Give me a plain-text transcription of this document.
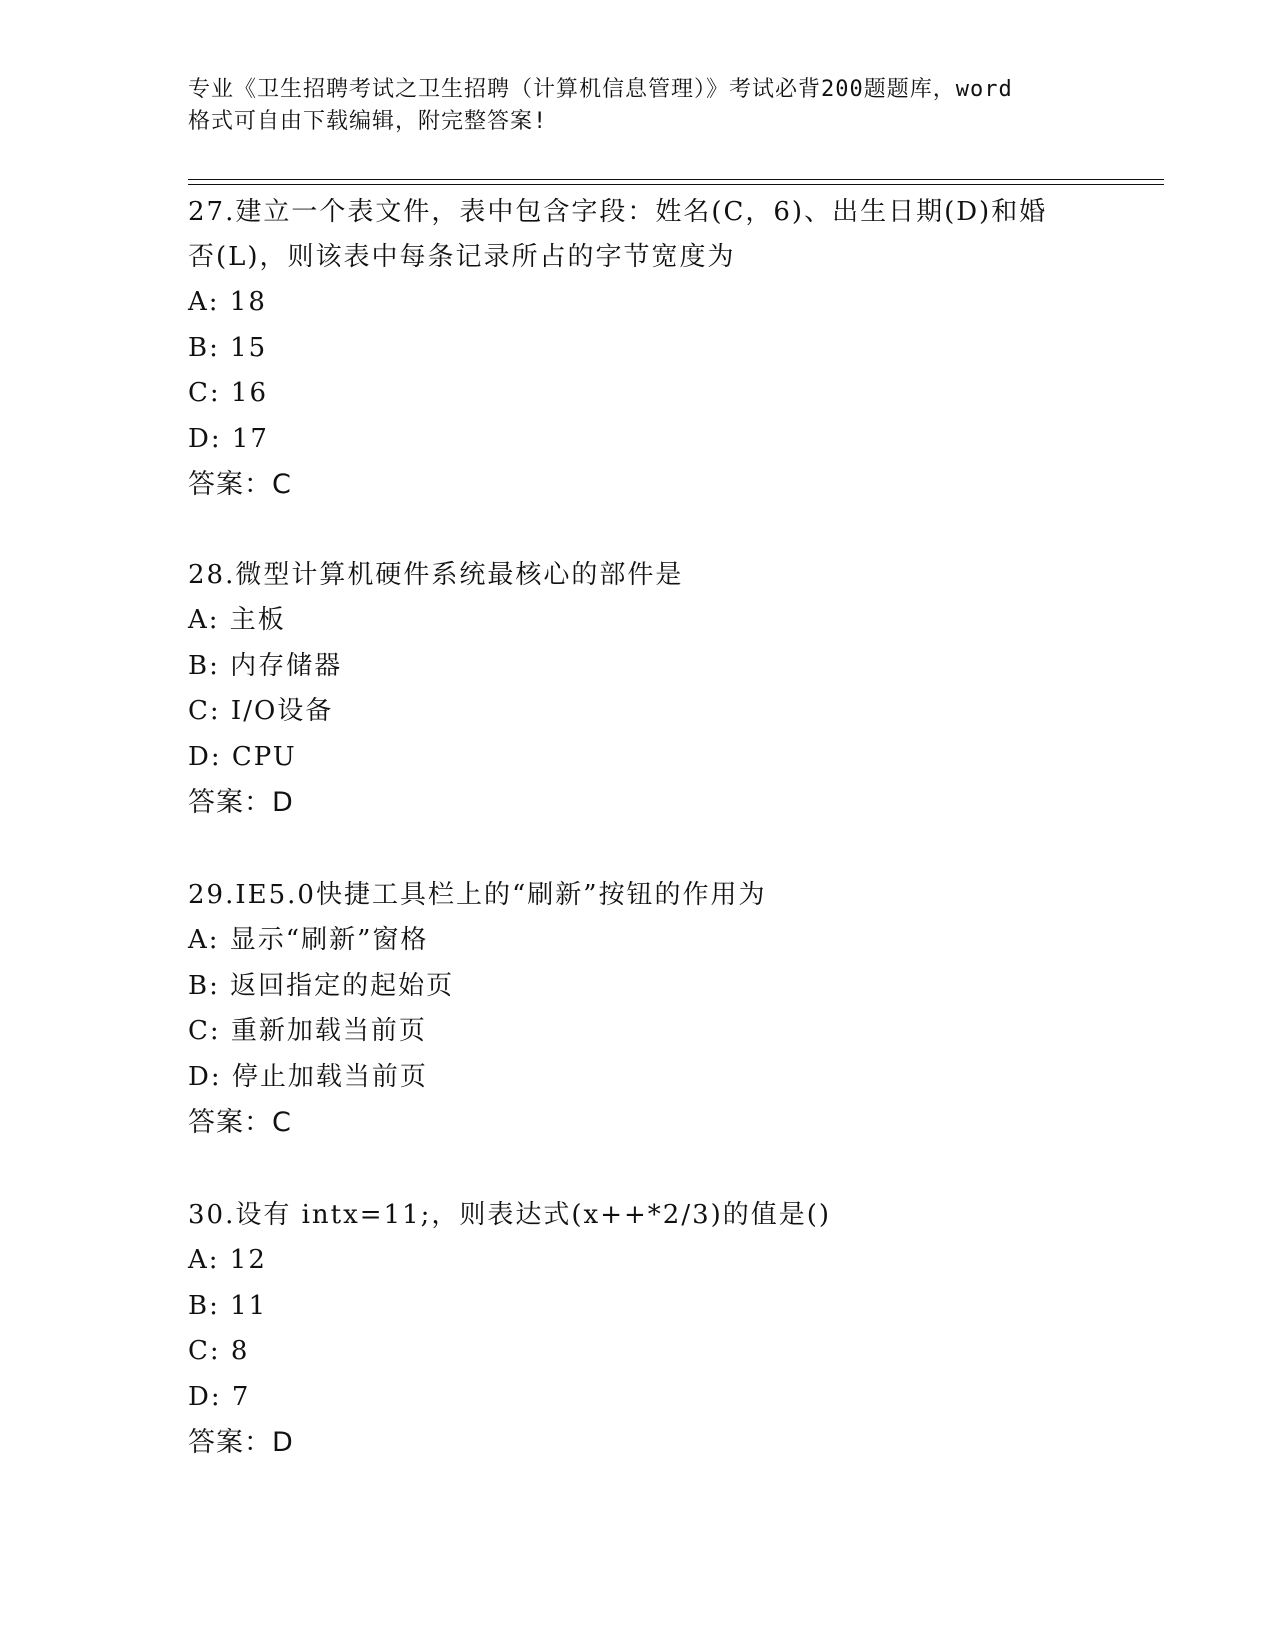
专业《卫生招聘考试之卫生招聘（计算机信息管理）》考试必背200题题库，word
格式可自由下载编辑，附完整答案!

27.建立一个表文件，表中包含字段：姓名(C，6)、出生日期(D)和婚

否(L)，则该表中每条记录所占的字节宽度为

A: 18

B: 15

C: 16

D: 17

答案：C

28.微型计算机硬件系统最核心的部件是

A: 主板

B: 内存储器

C: I/O设备

D: CPU

答案：D

29.IE5.0快捷工具栏上的“刷新”按钮的作用为

A: 显示“刷新”窗格

B: 返回指定的起始页

C: 重新加载当前页

D: 停止加载当前页

答案：C

30.设有 intx=11;，则表达式(x++*2/3)的值是()

A: 12

B: 11

C: 8

D: 7

答案：D
